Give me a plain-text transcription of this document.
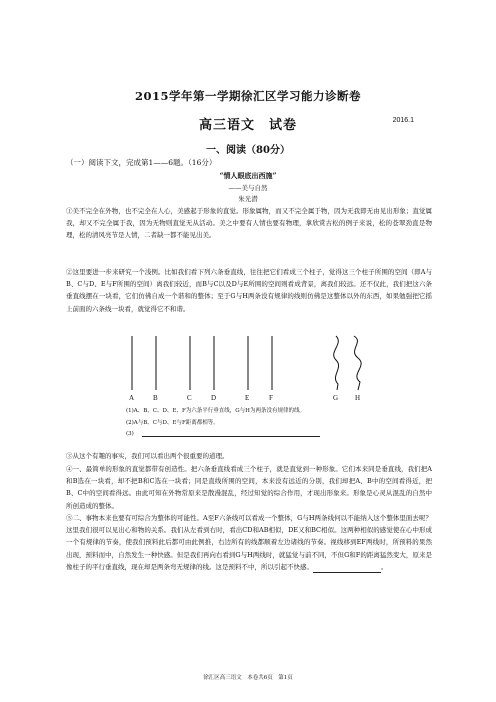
2015学年第一学期徐汇区学习能力诊断卷
高三语文　试卷	2016.1
一、阅读（80分）
（一）阅读下文，完成第1——6题。（16分）
“情人眼底出西施”
——美与自然
朱光潜

①美不完全在外物，也不完全在人心，美感起于形象的直觉。形象属物，而又不完全属于物，因为无我即无由见出形象；直觉属我，却又不完全属于我，因为无物则直觉无从活动。美之中要有人情也要有物理，拿欣赏古松的例子来说，松的苍翠劲直是物理，松的清风亮节是人情，二者缺一都不能见出美。

②这里要进一步来研究一个浅例。比如我们看下列六条垂直线，往往把它们看成三个柱子，觉得这三个柱子所围的空间（即A与B、C与D、E与F所围的空间）离我们较近，而B与C以及D与E所围的空间则看成背景，离我们较远。还不仅此，我们把这六条垂直线摆在一块看，它们仿佛自成一个谐和的整体；至于G与H两条没有规律的线则仿佛是这整体以外的东西，如果勉强把它摇上前面的六条线一块看，就觉得它不和谐。

A	B	C	D	E	F	G H
(1)A、B、C、D、E、F为六条平行垂直线，G与H为两条没有规律的线。
(2)A与B、C与D、E与F距离都相等。
(3)

③从这个有趣的事实，我们可以看出两个很重要的道理。

④一、最简单的形象的直觉都带有创造性。把六条垂直线看成三个柱子，就是直觉到一种形象。它们本来同是垂直线，我们把A和B选在一块看，却不把B和C选在一块看；同是直线所围的空间，本来没有远近的分别，我们却把A、B中的空间看得近，把B、C中的空间看得远。由此可知在外物常原来是散漫混乱，经过知觉的综合作用，才现出形象来。形象是心灵从混乱的自然中所创造成的整体。

⑤二、事物本来也要有可综合为整体的可能性。A至F六条线可以看成一个整体，G与H两条线何以不能纳入这个整体里面去呢？这里我们很可以见出心和物的关系。我们从左看到右时，看出CD和AB相似，DE又和BC相似。这两种相似的感觉使在心中形成一个有规律的节奏，使我们预料此后都可由此例推，右边所有的线都顺着左边诸线的节奏。视线移到EF两线时，所预料的果然出现，预料而中，自然发生一种快感。但是我们再向右看到G与H两线时，就猛觉与前不同，不但G和F的距离猛然变大，原来是像柱子的平行垂直线，现在却是两条弯无规律的线。这是预料不中，所以引起不快感。	。

徐汇区高三语文　本卷共6页　第1页
